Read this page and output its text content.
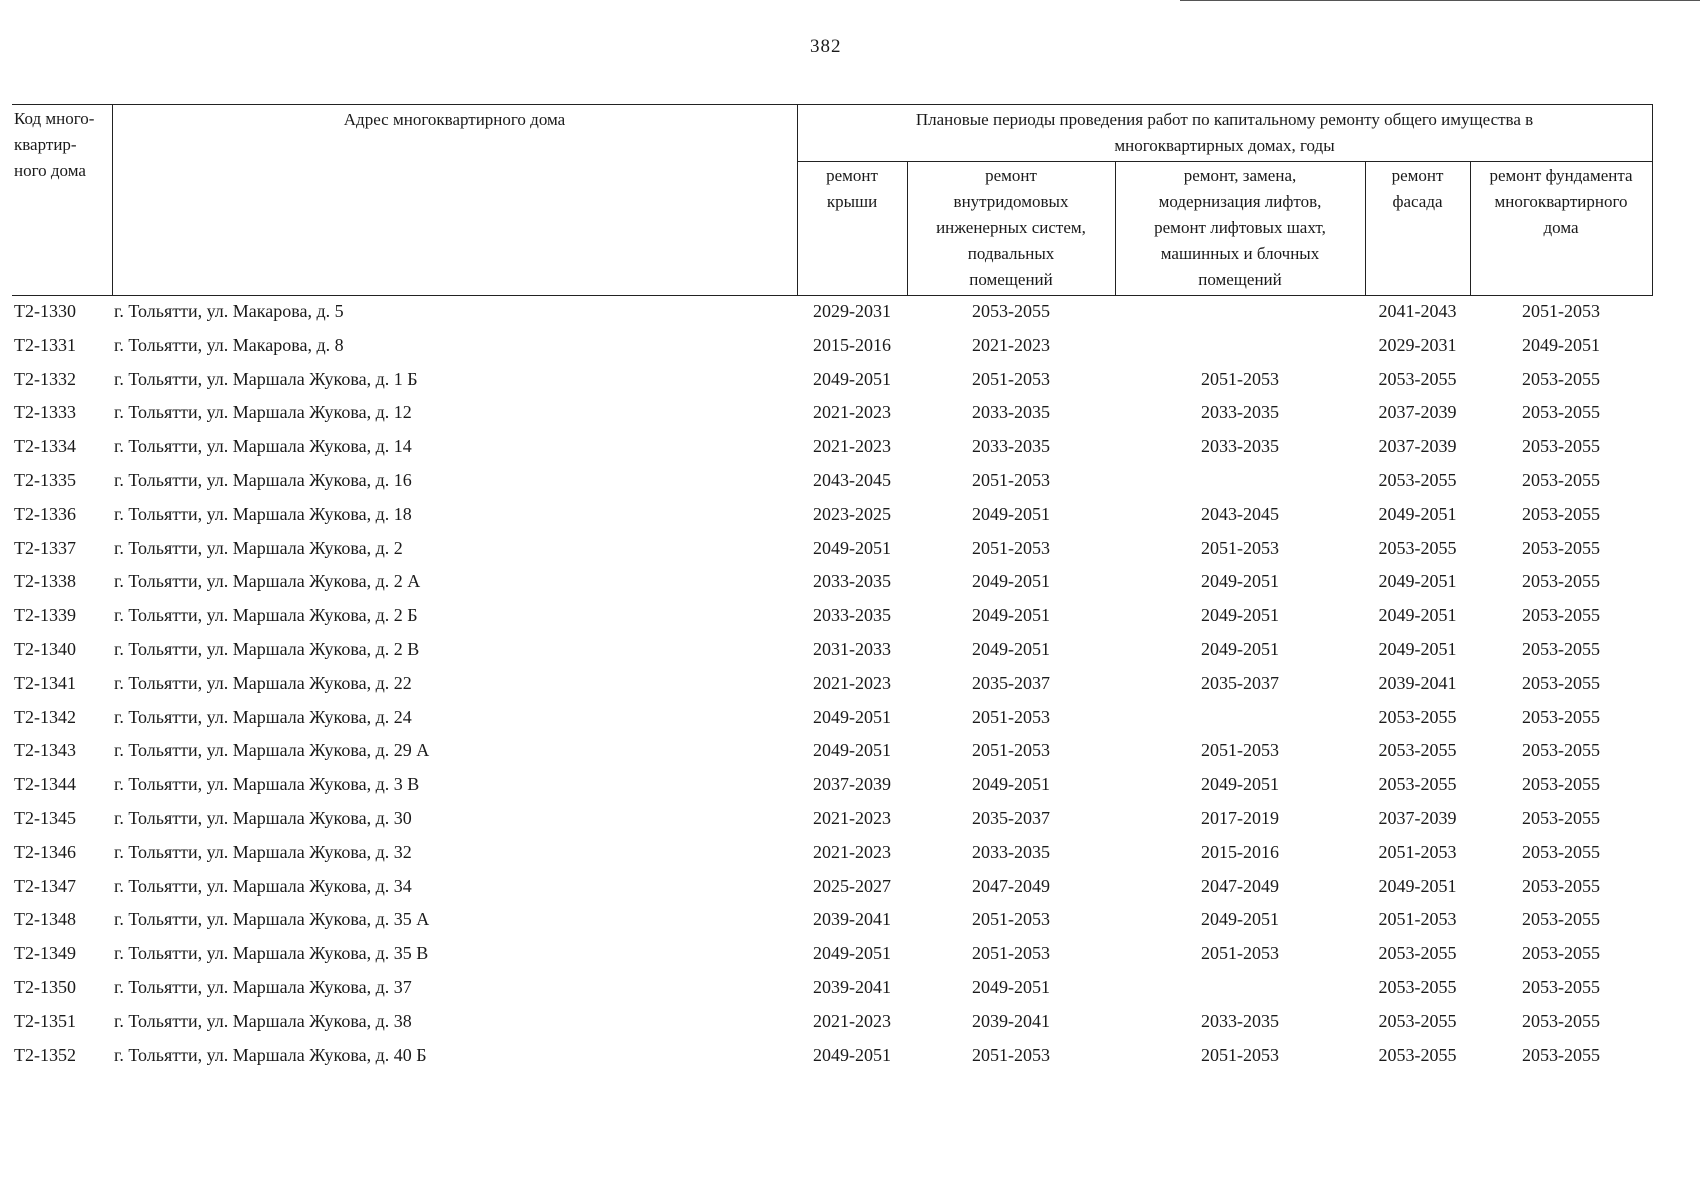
382
Код много-
квартир-
ного дома	Адрес многоквартирного дома	Плановые периоды проведения работ по капитальному ремонту общего имущества в
многоквартирных домах, годы				

		ремонт
крыши	ремонт
внутридомовых
инженерных систем,
подвальных
помещений	ремонт, замена,
модернизация лифтов,
ремонт лифтовых шахт,
машинных и блочных
помещений	ремонт
фасада	ремонт фундамента
многоквартирного
дома

Т2-1330	г. Тольятти, ул. Макарова, д. 5	2029-2031	2053-2055		2041-2043	2051-2053
Т2-1331	г. Тольятти, ул. Макарова, д. 8	2015-2016	2021-2023		2029-2031	2049-2051
Т2-1332	г. Тольятти, ул. Маршала Жукова, д. 1 Б	2049-2051	2051-2053	2051-2053	2053-2055	2053-2055
Т2-1333	г. Тольятти, ул. Маршала Жукова, д. 12	2021-2023	2033-2035	2033-2035	2037-2039	2053-2055
Т2-1334	г. Тольятти, ул. Маршала Жукова, д. 14	2021-2023	2033-2035	2033-2035	2037-2039	2053-2055
Т2-1335	г. Тольятти, ул. Маршала Жукова, д. 16	2043-2045	2051-2053		2053-2055	2053-2055
Т2-1336	г. Тольятти, ул. Маршала Жукова, д. 18	2023-2025	2049-2051	2043-2045	2049-2051	2053-2055
Т2-1337	г. Тольятти, ул. Маршала Жукова, д. 2	2049-2051	2051-2053	2051-2053	2053-2055	2053-2055
Т2-1338	г. Тольятти, ул. Маршала Жукова, д. 2 А	2033-2035	2049-2051	2049-2051	2049-2051	2053-2055
Т2-1339	г. Тольятти, ул. Маршала Жукова, д. 2 Б	2033-2035	2049-2051	2049-2051	2049-2051	2053-2055
Т2-1340	г. Тольятти, ул. Маршала Жукова, д. 2 В	2031-2033	2049-2051	2049-2051	2049-2051	2053-2055
Т2-1341	г. Тольятти, ул. Маршала Жукова, д. 22	2021-2023	2035-2037	2035-2037	2039-2041	2053-2055
Т2-1342	г. Тольятти, ул. Маршала Жукова, д. 24	2049-2051	2051-2053		2053-2055	2053-2055
Т2-1343	г. Тольятти, ул. Маршала Жукова, д. 29 А	2049-2051	2051-2053	2051-2053	2053-2055	2053-2055
Т2-1344	г. Тольятти, ул. Маршала Жукова, д. 3 В	2037-2039	2049-2051	2049-2051	2053-2055	2053-2055
Т2-1345	г. Тольятти, ул. Маршала Жукова, д. 30	2021-2023	2035-2037	2017-2019	2037-2039	2053-2055
Т2-1346	г. Тольятти, ул. Маршала Жукова, д. 32	2021-2023	2033-2035	2015-2016	2051-2053	2053-2055
Т2-1347	г. Тольятти, ул. Маршала Жукова, д. 34	2025-2027	2047-2049	2047-2049	2049-2051	2053-2055
Т2-1348	г. Тольятти, ул. Маршала Жукова, д. 35 А	2039-2041	2051-2053	2049-2051	2051-2053	2053-2055
Т2-1349	г. Тольятти, ул. Маршала Жукова, д. 35 В	2049-2051	2051-2053	2051-2053	2053-2055	2053-2055
Т2-1350	г. Тольятти, ул. Маршала Жукова, д. 37	2039-2041	2049-2051		2053-2055	2053-2055
Т2-1351	г. Тольятти, ул. Маршала Жукова, д. 38	2021-2023	2039-2041	2033-2035	2053-2055	2053-2055
Т2-1352	г. Тольятти, ул. Маршала Жукова, д. 40 Б	2049-2051	2051-2053	2051-2053	2053-2055	2053-2055
